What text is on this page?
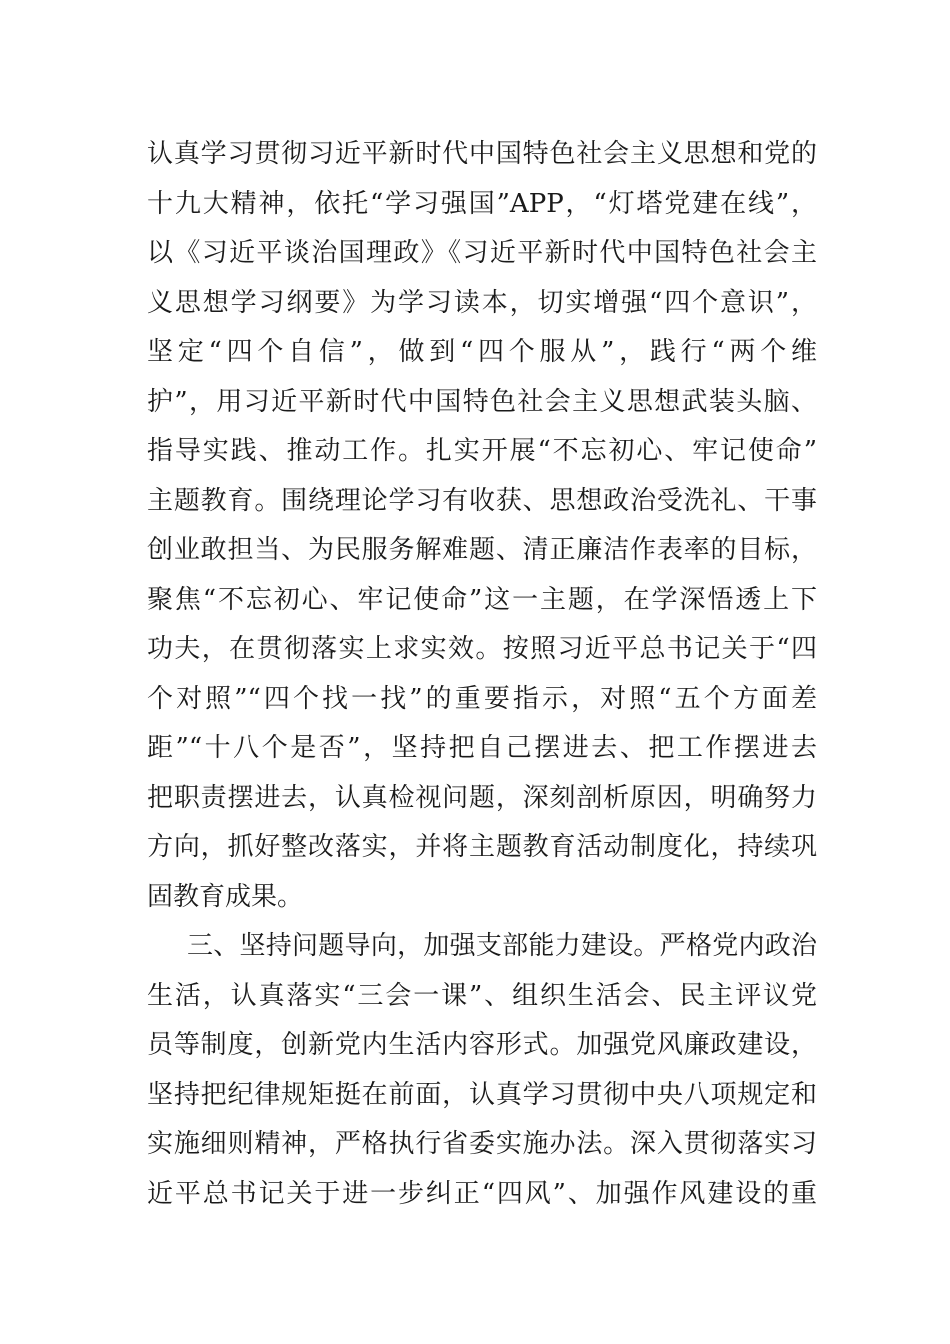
认真学习贯彻习近平新时代中国特色社会主义思想和党的
十九大精神，依托“学习强国”APP，“灯塔党建在线”，
以《习近平谈治国理政》《习近平新时代中国特色社会主
义思想学习纲要》为学习读本，切实增强“四个意识”，
坚定“四个自信”，做到“四个服从”，践行“两个维
护”，用习近平新时代中国特色社会主义思想武装头脑、
指导实践、推动工作。扎实开展“不忘初心、牢记使命”
主题教育。围绕理论学习有收获、思想政治受洗礼、干事
创业敢担当、为民服务解难题、清正廉洁作表率的目标，
聚焦“不忘初心、牢记使命”这一主题，在学深悟透上下
功夫，在贯彻落实上求实效。按照习近平总书记关于“四
个对照”“四个找一找”的重要指示，对照“五个方面差
距”“十八个是否”，坚持把自己摆进去、把工作摆进去
把职责摆进去，认真检视问题，深刻剖析原因，明确努力
方向，抓好整改落实，并将主题教育活动制度化，持续巩
固教育成果。
三、坚持问题导向，加强支部能力建设。严格党内政治
生活，认真落实“三会一课”、组织生活会、民主评议党
员等制度，创新党内生活内容形式。加强党风廉政建设，
坚持把纪律规矩挺在前面，认真学习贯彻中央八项规定和
实施细则精神，严格执行省委实施办法。深入贯彻落实习
近平总书记关于进一步纠正“四风”、加强作风建设的重
